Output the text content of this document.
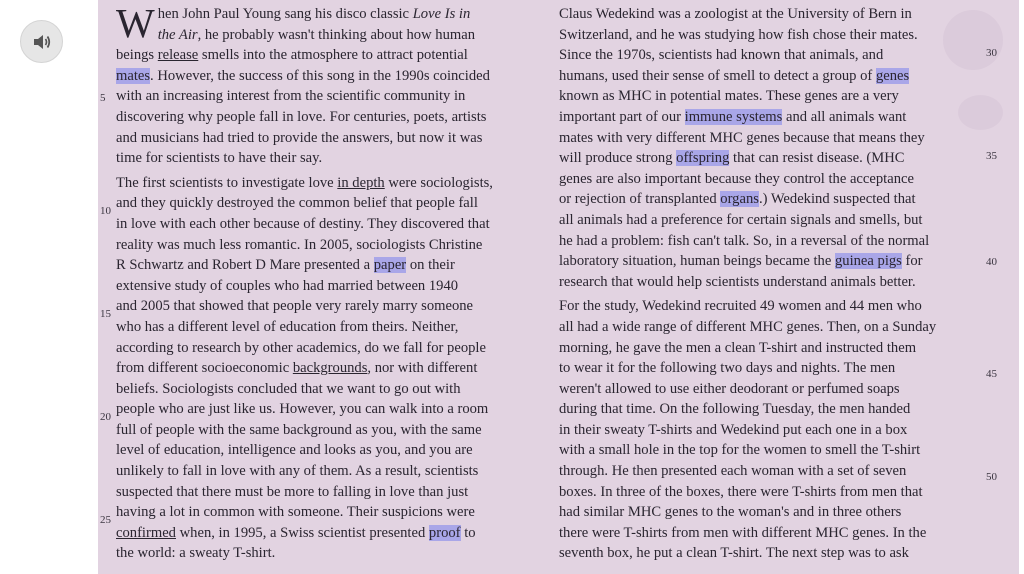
5
10
15
20
25
30
35
40
45
50

W hen John Paul Young sang his disco classic Love Is in
the Air, he probably wasn't thinking about how human
beings release smells into the atmosphere to attract potential
mates. However, the success of this song in the 1990s coincided
with an increasing interest from the scientific community in
discovering why people fall in love. For centuries, poets, artists
and musicians had tried to provide the answers, but now it was
time for scientists to have their say.

The first scientists to investigate love in depth were sociologists,
and they quickly destroyed the common belief that people fall
in love with each other because of destiny. They discovered that
reality was much less romantic. In 2005, sociologists Christine
R Schwartz and Robert D Mare presented a paper on their
extensive study of couples who had married between 1940
and 2005 that showed that people very rarely marry someone
who has a different level of education from theirs. Neither,
according to research by other academics, do we fall for people
from different socioeconomic backgrounds, nor with different
beliefs. Sociologists concluded that we want to go out with
people who are just like us. However, you can walk into a room
full of people with the same background as you, with the same
level of education, intelligence and looks as you, and you are
unlikely to fall in love with any of them. As a result, scientists
suspected that there must be more to falling in love than just
having a lot in common with someone. Their suspicions were
confirmed when, in 1995, a Swiss scientist presented proof to
the world: a sweaty T-shirt.

Claus Wedekind was a zoologist at the University of Bern in
Switzerland, and he was studying how fish chose their mates.
Since the 1970s, scientists had known that animals, and
humans, used their sense of smell to detect a group of genes
known as MHC in potential mates. These genes are a very
important part of our immune systems and all animals want
mates with very different MHC genes because that means they
will produce strong offspring that can resist disease. (MHC
genes are also important because they control the acceptance
or rejection of transplanted organs.) Wedekind suspected that
all animals had a preference for certain signals and smells, but
he had a problem: fish can't talk. So, in a reversal of the normal
laboratory situation, human beings became the guinea pigs for
research that would help scientists understand animals better.

For the study, Wedekind recruited 49 women and 44 men who
all had a wide range of different MHC genes. Then, on a Sunday
morning, he gave the men a clean T-shirt and instructed them
to wear it for the following two days and nights. The men
weren't allowed to use either deodorant or perfumed soaps
during that time. On the following Tuesday, the men handed
in their sweaty T-shirts and Wedekind put each one in a box
with a small hole in the top for the women to smell the T-shirt
through. He then presented each woman with a set of seven
boxes. In three of the boxes, there were T-shirts from men that
had similar MHC genes to the woman's and in three others
there were T-shirts from men with different MHC genes. In the
seventh box, he put a clean T-shirt. The next step was to ask
